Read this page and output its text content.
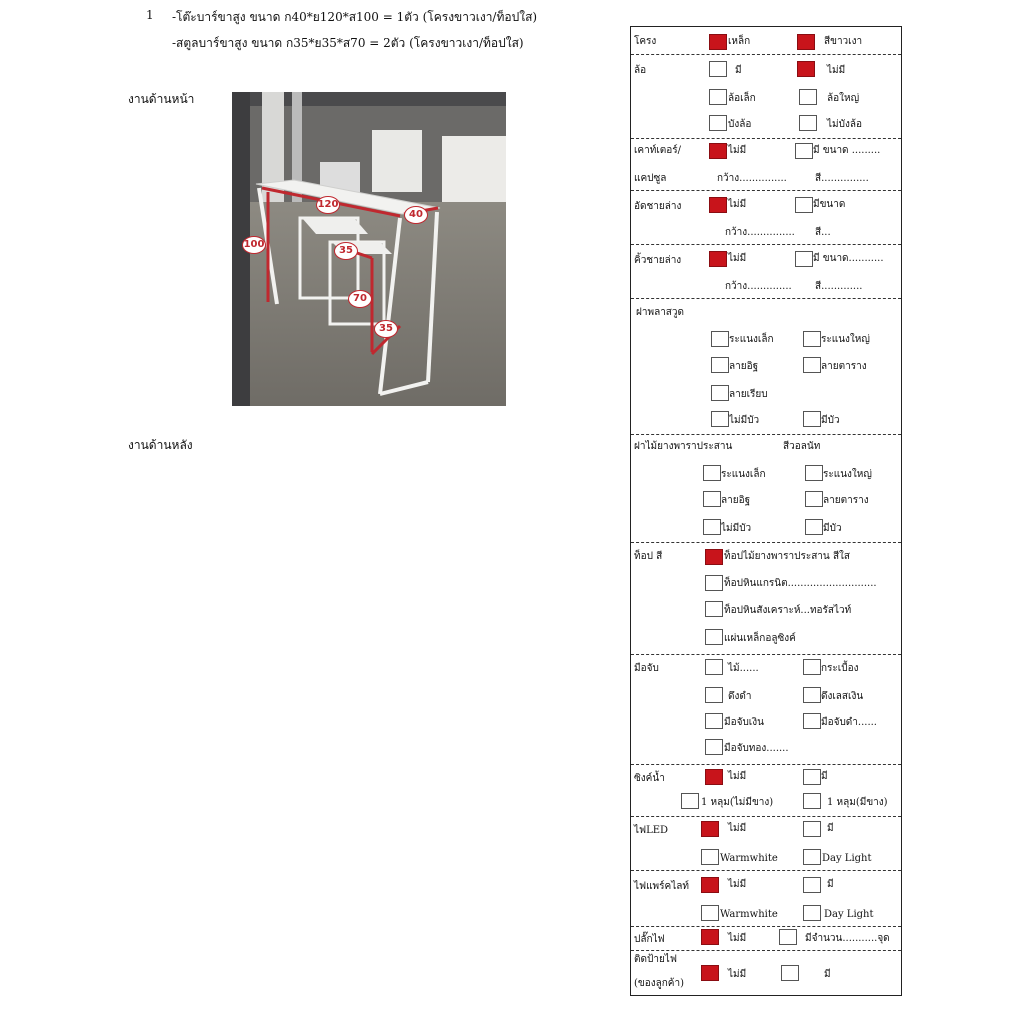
1 -โต๊ะบาร์ขาสูง ขนาด ก40*ย120*ส100 = 1ตัว (โครงขาวเงา/ท็อปใส)
-สตูลบาร์ขาสูง ขนาด ก35*ย35*ส70 = 2ตัว (โครงขาวเงา/ท็อปใส)
งานด้านหน้า
งานด้านหลัง
120
40
100
35
70
35
โครง	เหล็ก	สีขาวเงา
ล้อ	มี	ไม่มี
ล้อเล็ก	ล้อใหญ่
บังล้อ	ไม่บังล้อ
เคาท์เตอร์/
แคปซูล
ไม่มี	มี ขนาด .........
กว้าง...............	สี...............
อัดชายล่าง	ไม่มี	มีขนาด
กว้าง............... สี...
คิ้วชายล่าง	ไม่มี	มี ขนาด...........
กว้าง.............. สี.............
ฝาพลาสวูด
ระแนงเล็ก	ระแนงใหญ่
ลายอิฐ	ลายตาราง
ลายเรียบ
ไม่มีบัว	มีบัว
ฝาไม้ยางพาราประสาน	สีวอลนัท
ระแนงเล็ก	ระแนงใหญ่
ลายอิฐ	ลายตาราง
ไม่มีบัว	มีบัว
ท็อป สี	ท็อปไม้ยางพาราประสาน สีใส
ท็อปหินแกรนิต............................
ท็อปหินสังเคราะห์...ทอรัสไวท์
แผ่นเหล็กอลูซิงค์
มือจับ	ไม้......	กระเบื้อง
ดึงดำ	ดึงเลสเงิน
มือจับเงิน	มือจับดำ......
มือจับทอง.......
ซิงค์น้ำ	ไม่มี	มี
1 หลุม(ไม่มีขาง)	1 หลุม(มีขาง)
ไฟLED	ไม่มี	มี
Warmwhite	Day Light
ไฟแพร์คไลท์	ไม่มี	มี
Warmwhite	Day Light
ปลั๊กไฟ	ไม่มี	มีจำนวน...........จุด
ติดป้ายไฟ
(ของลูกค้า)
ไม่มี	มี
